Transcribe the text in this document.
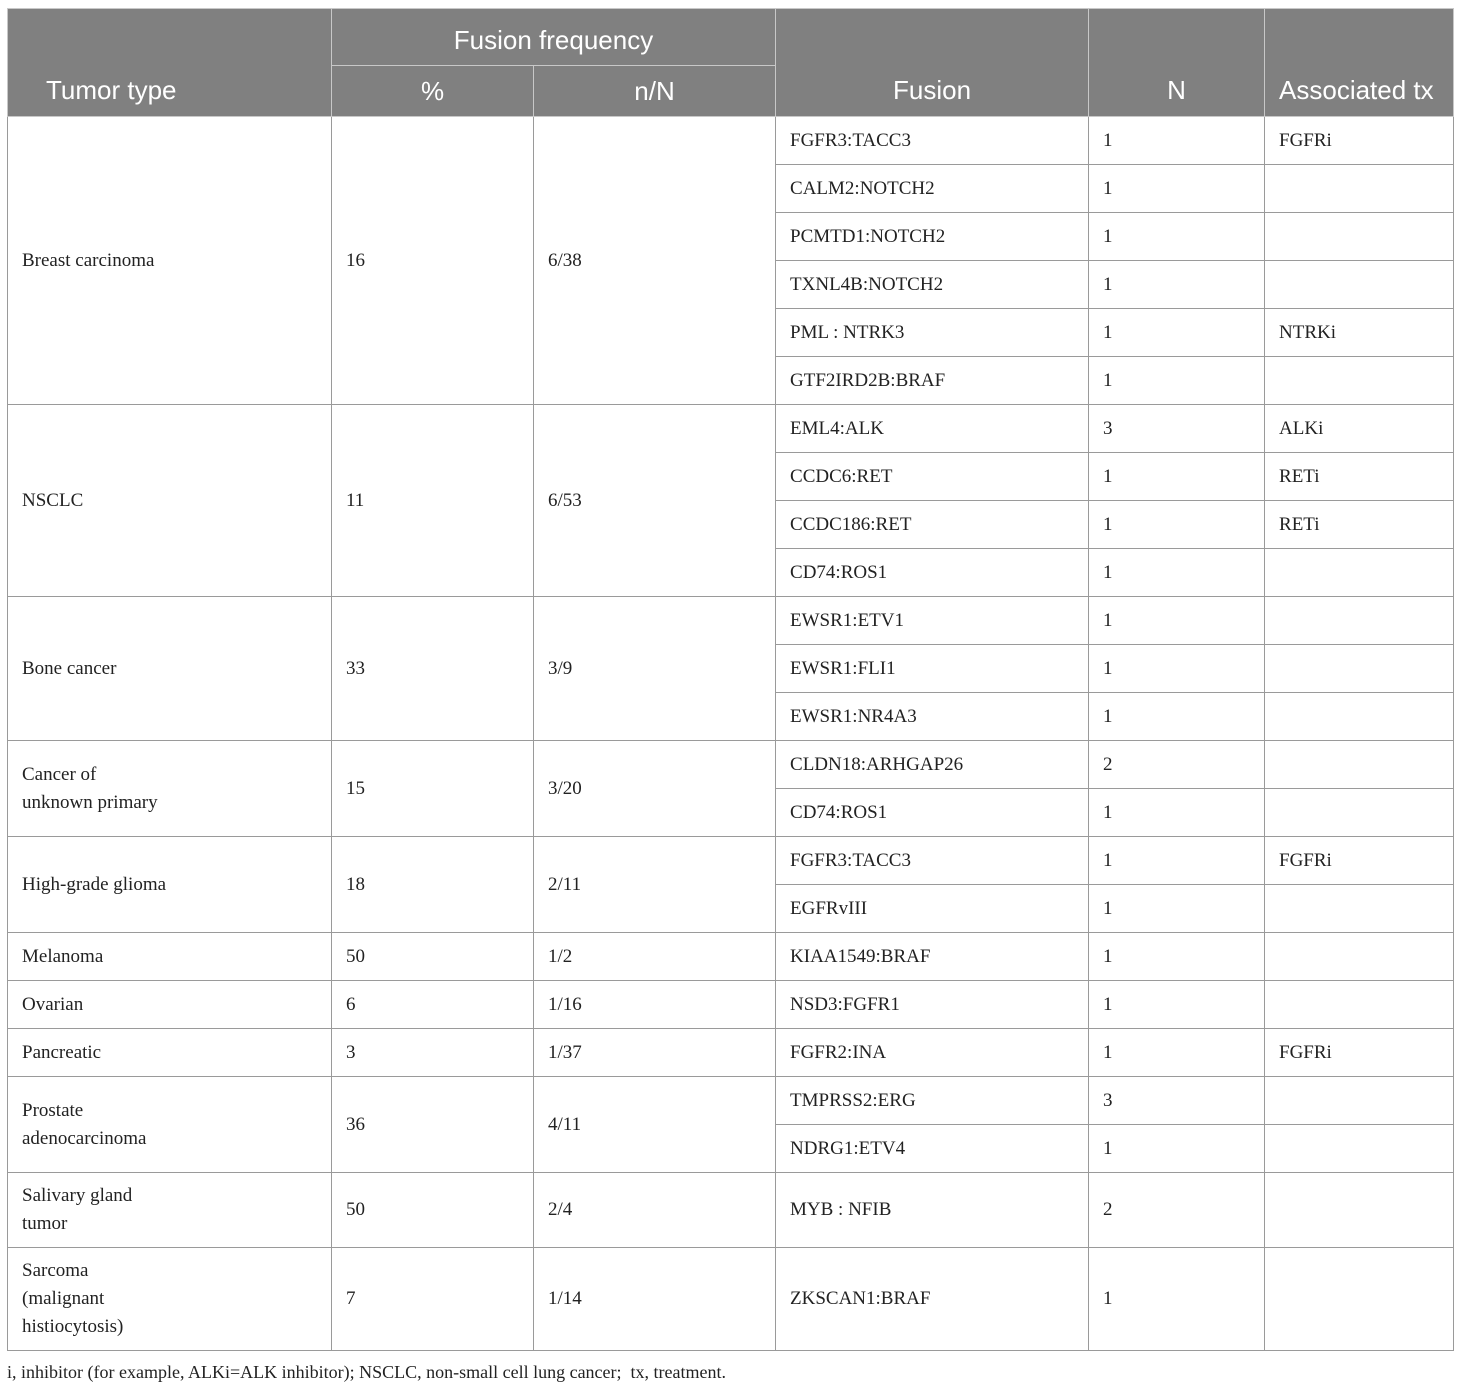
Tumor type	Fusion frequency		Fusion	N	Associated tx
	%	n/N			
Breast carcinoma	16	6/38	FGFR3:TACC3	1	FGFRi
			CALM2:NOTCH2	1	
			PCMTD1:NOTCH2	1	
			TXNL4B:NOTCH2	1	
			PML : NTRK3	1	NTRKi
			GTF2IRD2B:BRAF	1	
NSCLC	11	6/53	EML4:ALK	3	ALKi
			CCDC6:RET	1	RETi
			CCDC186:RET	1	RETi
			CD74:ROS1	1	
Bone cancer	33	3/9	EWSR1:ETV1	1	
			EWSR1:FLI1	1	
			EWSR1:NR4A3	1	

Cancer of
unknown primary	15	3/20	CLDN18:ARHGAP26	2	
			CD74:ROS1	1	
High-grade glioma	18	2/11	FGFR3:TACC3	1	FGFRi
			EGFRvIII	1	
Melanoma	50	1/2	KIAA1549:BRAF	1	
Ovarian	6	1/16	NSD3:FGFR1	1	
Pancreatic	3	1/37	FGFR2:INA	1	FGFRi

Prostate
adenocarcinoma	36	4/11	TMPRSS2:ERG	3	
			NDRG1:ETV4	1	

Salivary gland
tumor	50	2/4	MYB : NFIB	2	

Sarcoma
(malignant
histiocytosis)	7	1/14	ZKSCAN1:BRAF	1	
i, inhibitor (for example, ALKi=ALK inhibitor); NSCLC, non-small cell lung cancer;  tx, treatment.
